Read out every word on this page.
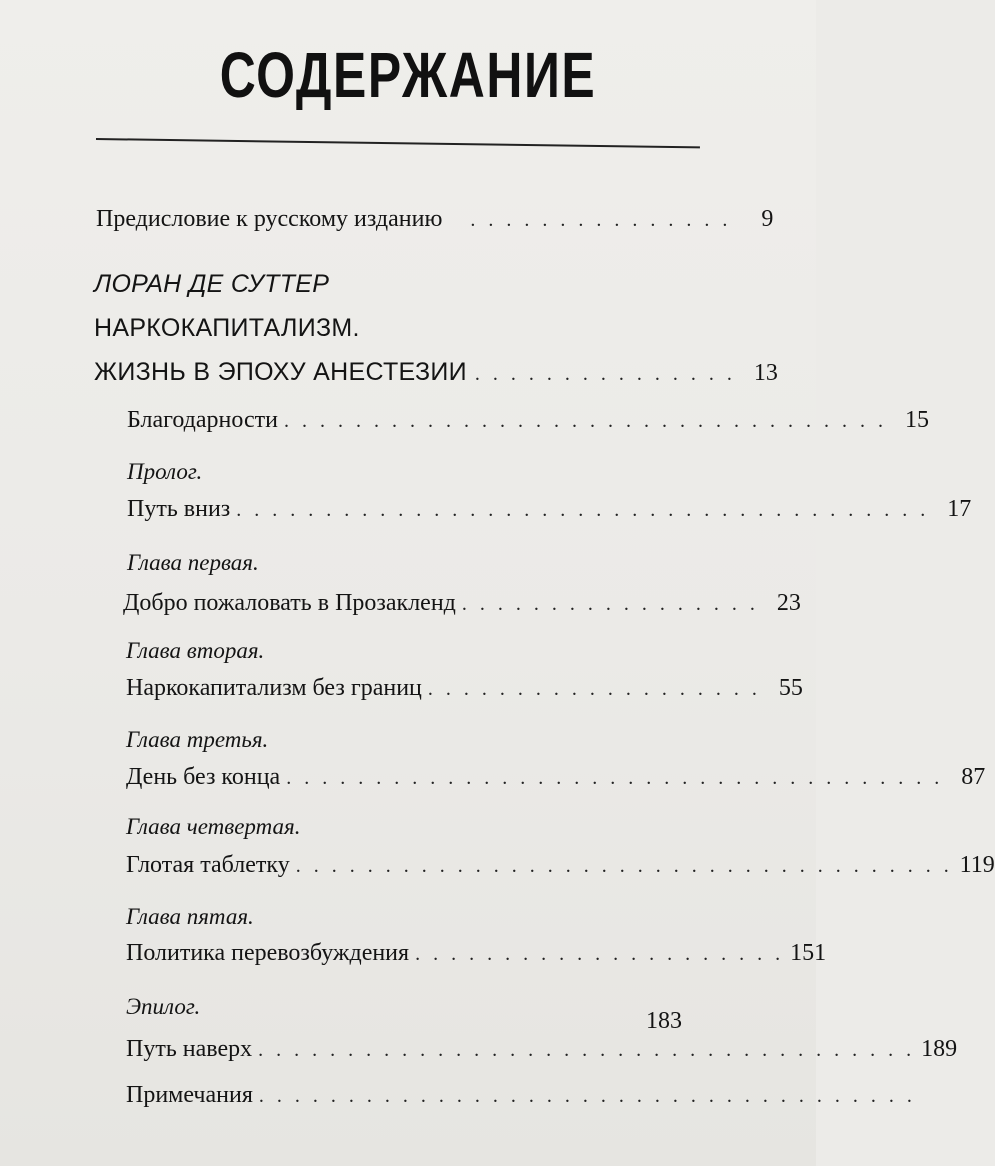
СОДЕРЖАНИЕ
Предисловие к русскому изданию	. . . . . . . . . . . . . . .	9
ЛОРАН ДЕ СУТТЕР
НАРКОКАПИТАЛИЗМ.
ЖИЗНЬ В ЭПОХУ АНЕСТЕЗИИ . . . . . . . . . . . . . . . 13
Благодарности . . . . . . . . . . . . . . . . . . . . . . . . . . . . . . . . . . 15
Пролог.
Путь вниз . . . . . . . . . . . . . . . . . . . . . . . . . . . . . . . . . . . . . . . 17
Глава первая.
Добро пожаловать в Прозакленд . . . . . . . . . . . . . . . . . 23
Глава вторая.
Наркокапитализм без границ . . . . . . . . . . . . . . . . . . . 55
Глава третья.
День без конца . . . . . . . . . . . . . . . . . . . . . . . . . . . . . . . . . . . . . 87
Глава четвертая.
Глотая таблетку . . . . . . . . . . . . . . . . . . . . . . . . . . . . . . . . . . . . . 119
Глава пятая.
Политика перевозбуждения . . . . . . . . . . . . . . . . . . . . . 151
Эпилог.
183
Путь наверх . . . . . . . . . . . . . . . . . . . . . . . . . . . . . . . . . . . . . 189
Примечания . . . . . . . . . . . . . . . . . . . . . . . . . . . . . . . . . . . . .
